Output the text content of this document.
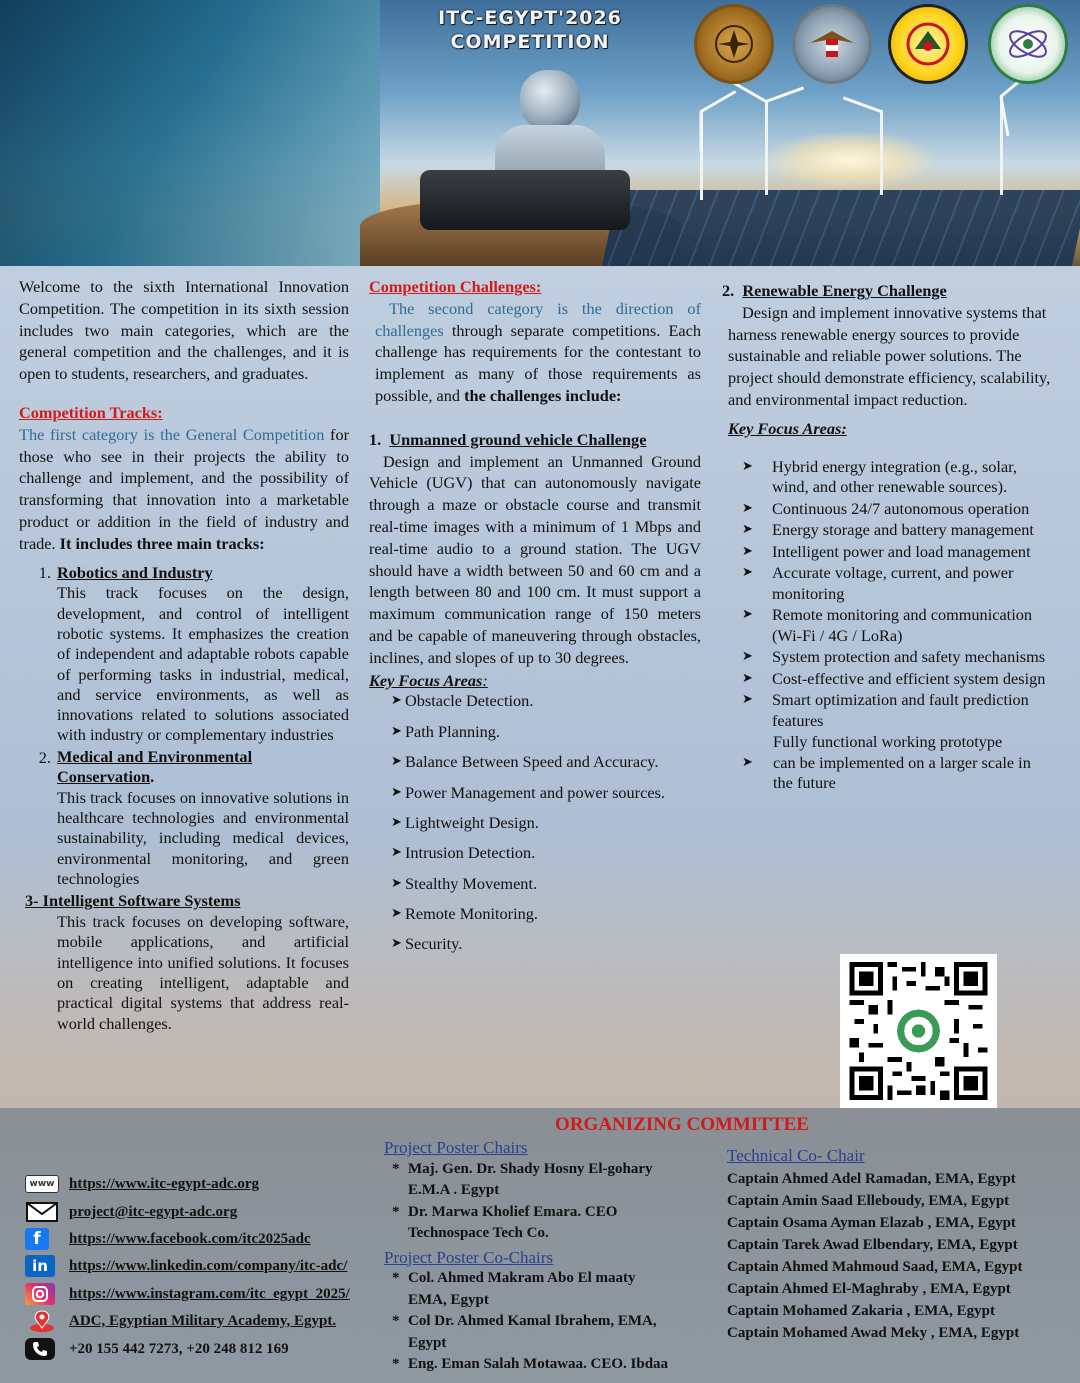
ITC-EGYPT'2026
COMPETITION

Welcome to the sixth International Innovation Competition. The competition in its sixth session includes two main categories, which are the general competition and the challenges, and it is open to students, researchers, and graduates.

Competition Tracks:

The first category is the General Competition for those who see in their projects the ability to challenge and implement, and the possibility of transforming that innovation into a marketable product or addition in the field of industry and trade. It includes three main tracks:

1. Robotics and Industry
This track focuses on the design, development, and control of intelligent robotic systems. It emphasizes the creation of independent and adaptable robots capable of performing tasks in industrial, medical, and service environments, as well as innovations related to solutions associated with industry or complementary industries
2. Medical and Environmental Conservation.
This track focuses on innovative solutions in healthcare technologies and environmental sustainability, including medical devices, environmental monitoring, and green technologies
3- Intelligent Software Systems
This track focuses on developing software, mobile applications, and artificial intelligence into unified solutions. It focuses on creating intelligent, adaptable and practical digital systems that address real-world challenges.

Competition Challenges:

The second category is the direction of challenges through separate competitions. Each challenge has requirements for the contestant to implement as many of those requirements as possible, and the challenges include:

1. Unmanned ground vehicle Challenge

Design and implement an Unmanned Ground Vehicle (UGV) that can autonomously navigate through a maze or obstacle course and transmit real-time images with a minimum of 1 Mbps and real-time audio to a ground station. The UGV should have a width between 50 and 60 cm and a length between 80 and 100 cm. It must support a maximum communication range of 150 meters and be capable of maneuvering through obstacles, inclines, and slopes of up to 30 degrees.

Key Focus Areas:

➤ Obstacle Detection.
➤ Path Planning.
➤ Balance Between Speed and Accuracy.
➤ Power Management and power sources.
➤ Lightweight Design.
➤ Intrusion Detection.
➤ Stealthy Movement.
➤ Remote Monitoring.
➤ Security.

2. Renewable Energy Challenge

Design and implement innovative systems that harness renewable energy sources to provide sustainable and reliable power solutions. The project should demonstrate efficiency, scalability, and environmental impact reduction.

Key Focus Areas:

➤	Hybrid energy integration (e.g., solar, wind, and other renewable sources).
➤	Continuous 24/7 autonomous operation
➤	Energy storage and battery management
➤	Intelligent power and load management
➤	Accurate voltage, current, and power monitoring
➤	Remote monitoring and communication (Wi-Fi / 4G / LoRa)
➤	System protection and safety mechanisms
➤	Cost-effective and efficient system design
➤	Smart optimization and fault prediction features
Fully functional working prototype
➤	can be implemented on a larger scale in the future
ORGANIZING COMMITTEE
www https://www.itc-egypt-adc.org
project@itc-egypt-adc.org
f	https://www.facebook.com/itc2025adc
in	https://www.linkedin.com/company/itc-adc/
https://www.instagram.com/itc_egypt_2025/
ADC, Egyptian Military Academy, Egypt.
+20 155 442 7273, +20 248 812 169
Project Poster Chairs
* Maj. Gen. Dr. Shady Hosny El-gohary
E.M.A . Egypt
* Dr. Marwa Kholief Emara. CEO
Technospace Tech Co.
Project Poster Co-Chairs
* Col. Ahmed Makram Abo El maaty
EMA, Egypt
* Col Dr. Ahmed Kamal Ibrahem, EMA,
Egypt
* Eng. Eman Salah Motawaa. CEO. Ibdaa
Technical Co- Chair
Captain Ahmed Adel Ramadan, EMA, Egypt
Captain Amin Saad Elleboudy, EMA, Egypt
Captain Osama Ayman Elazab , EMA, Egypt
Captain Tarek Awad Elbendary, EMA, Egypt
Captain Ahmed Mahmoud Saad, EMA, Egypt
Captain Ahmed El-Maghraby , EMA, Egypt
Captain Mohamed Zakaria , EMA, Egypt
Captain Mohamed Awad Meky , EMA, Egypt
